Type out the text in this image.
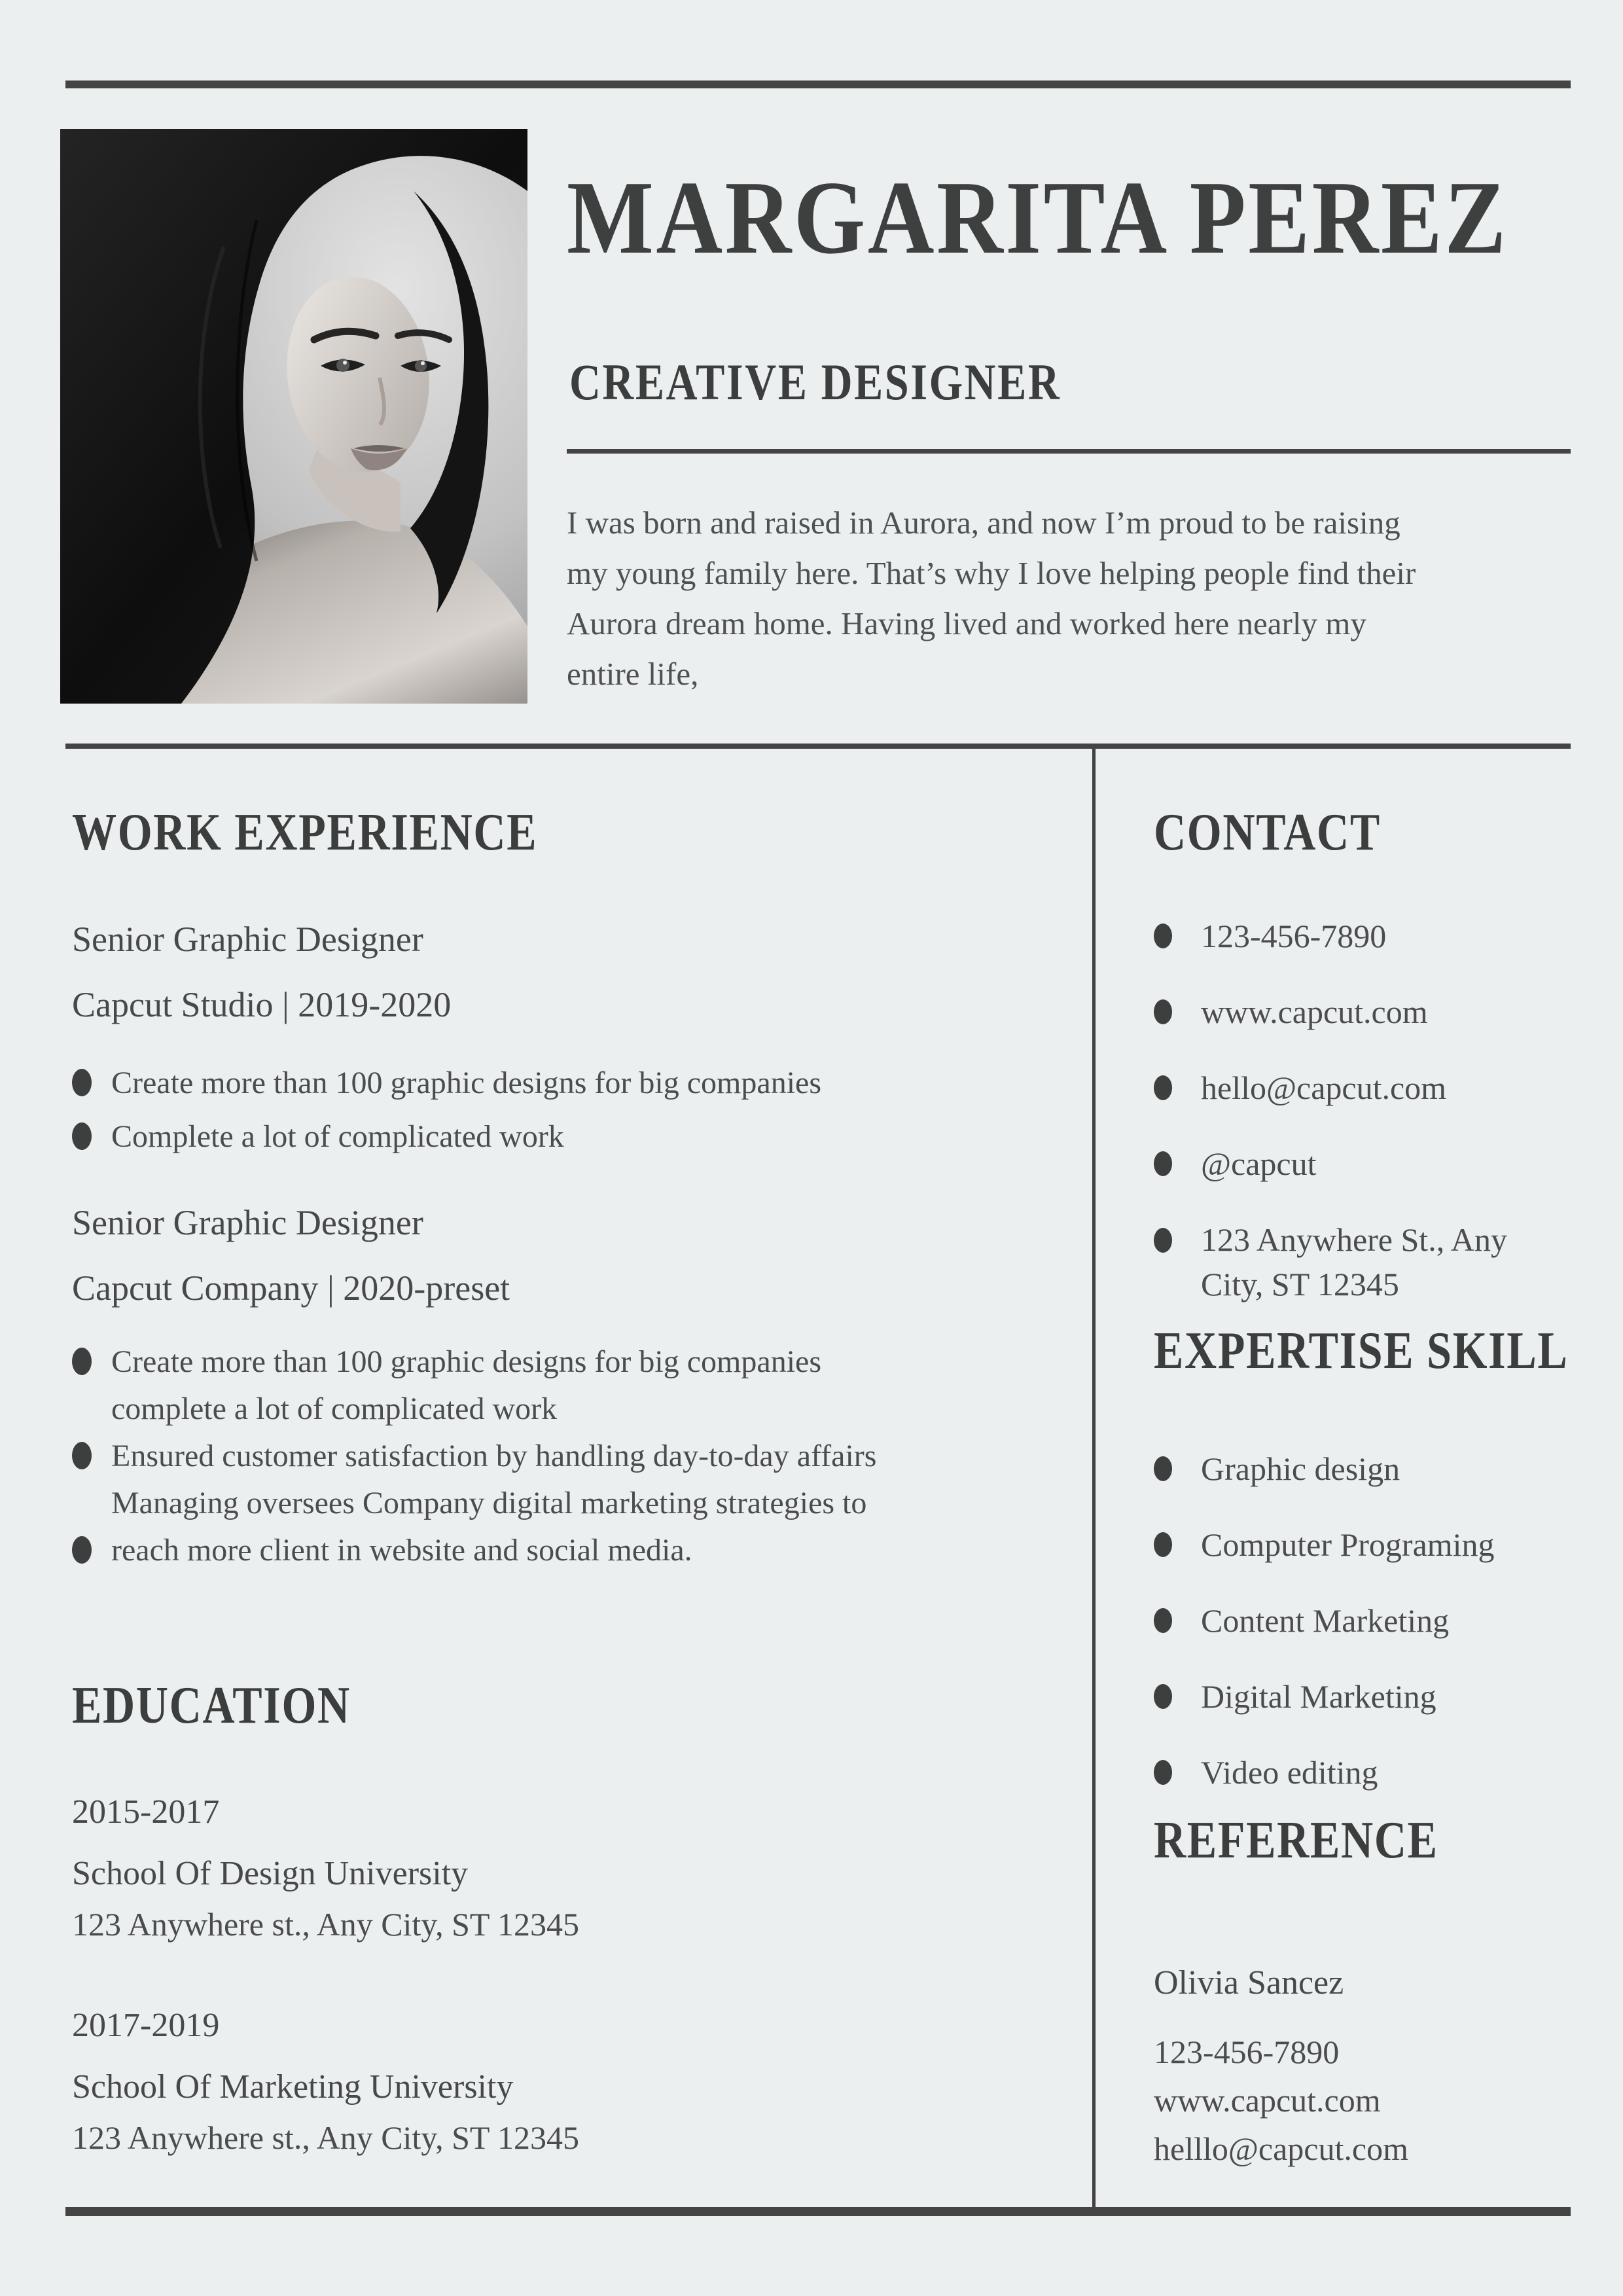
MARGARITA PEREZ
CREATIVE DESIGNER
I was born and raised in Aurora, and now I’m proud to be raising
my young family here. That’s why I love helping people find their
Aurora dream home. Having lived and worked here nearly my
entire life,
WORK EXPERIENCE
Senior Graphic Designer
Capcut Studio | 2019-2020
Create more than 100 graphic designs for big companies
Complete a lot of complicated work
Senior Graphic Designer
Capcut Company | 2020-preset
Create more than 100 graphic designs for big companies
complete a lot of complicated work
Ensured customer satisfaction by handling day-to-day affairs
Managing oversees Company digital marketing strategies to
reach more client in website and social media.
EDUCATION
2015-2017
School Of Design University
123 Anywhere st., Any City, ST 12345
2017-2019
School Of Marketing University
123 Anywhere st., Any City, ST 12345
CONTACT
123-456-7890
www.capcut.com
hello@capcut.com
@capcut
123 Anywhere St., Any
City, ST 12345
EXPERTISE SKILL
Graphic design
Computer Programing
Content Marketing
Digital Marketing
Video editing
REFERENCE
Olivia Sancez
123-456-7890
www.capcut.com
helllo@capcut.com
